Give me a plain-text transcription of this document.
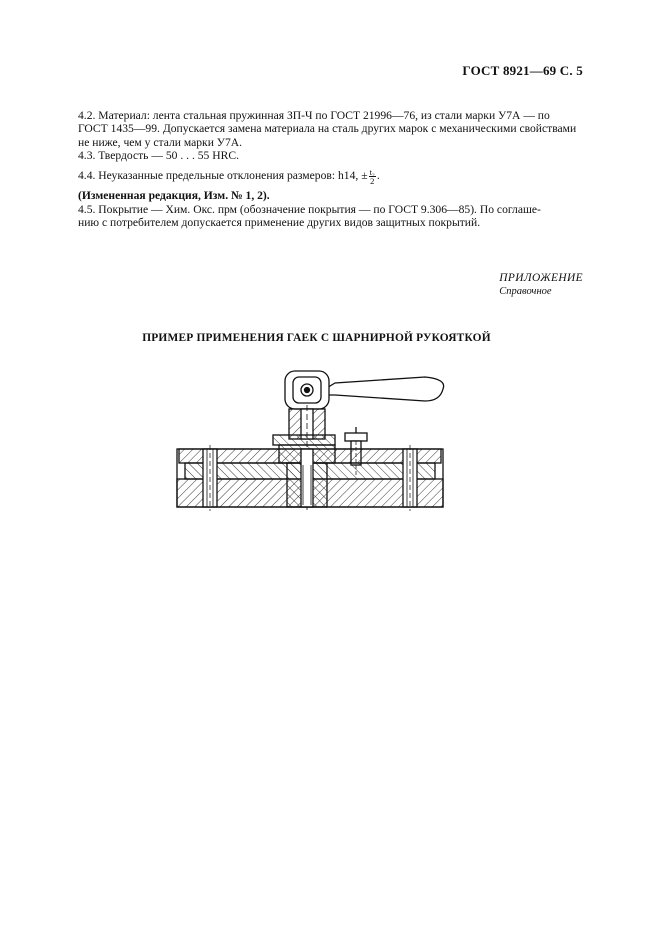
ГОСТ 8921—69 С. 5

4.2. Материал: лента стальная пружинная ЗП-Ч по ГОСТ 21996—76, из стали марки У7А — по

ГОСТ 1435—99. Допускается замена материала на сталь других марок с механическими свойствами

не ниже, чем у стали марки У7А.

4.3. Твердость — 50 . . . 55 HRC.

4.4. Неуказанные предельные отклонения размеров: h14, ± $\frac{\text{t₂}}{2}$ .

(Измененная редакция, Изм. № 1, 2).

4.5. Покрытие — Хим. Окс. прм (обозначение покрытия — по ГОСТ 9.306—85). По соглаше-

нию с потребителем допускается применение других видов защитных покрытий.

ПРИЛОЖЕНИЕ
Справочное
ПРИМЕР ПРИМЕНЕНИЯ ГАЕК С ШАРНИРНОЙ РУКОЯТКОЙ
